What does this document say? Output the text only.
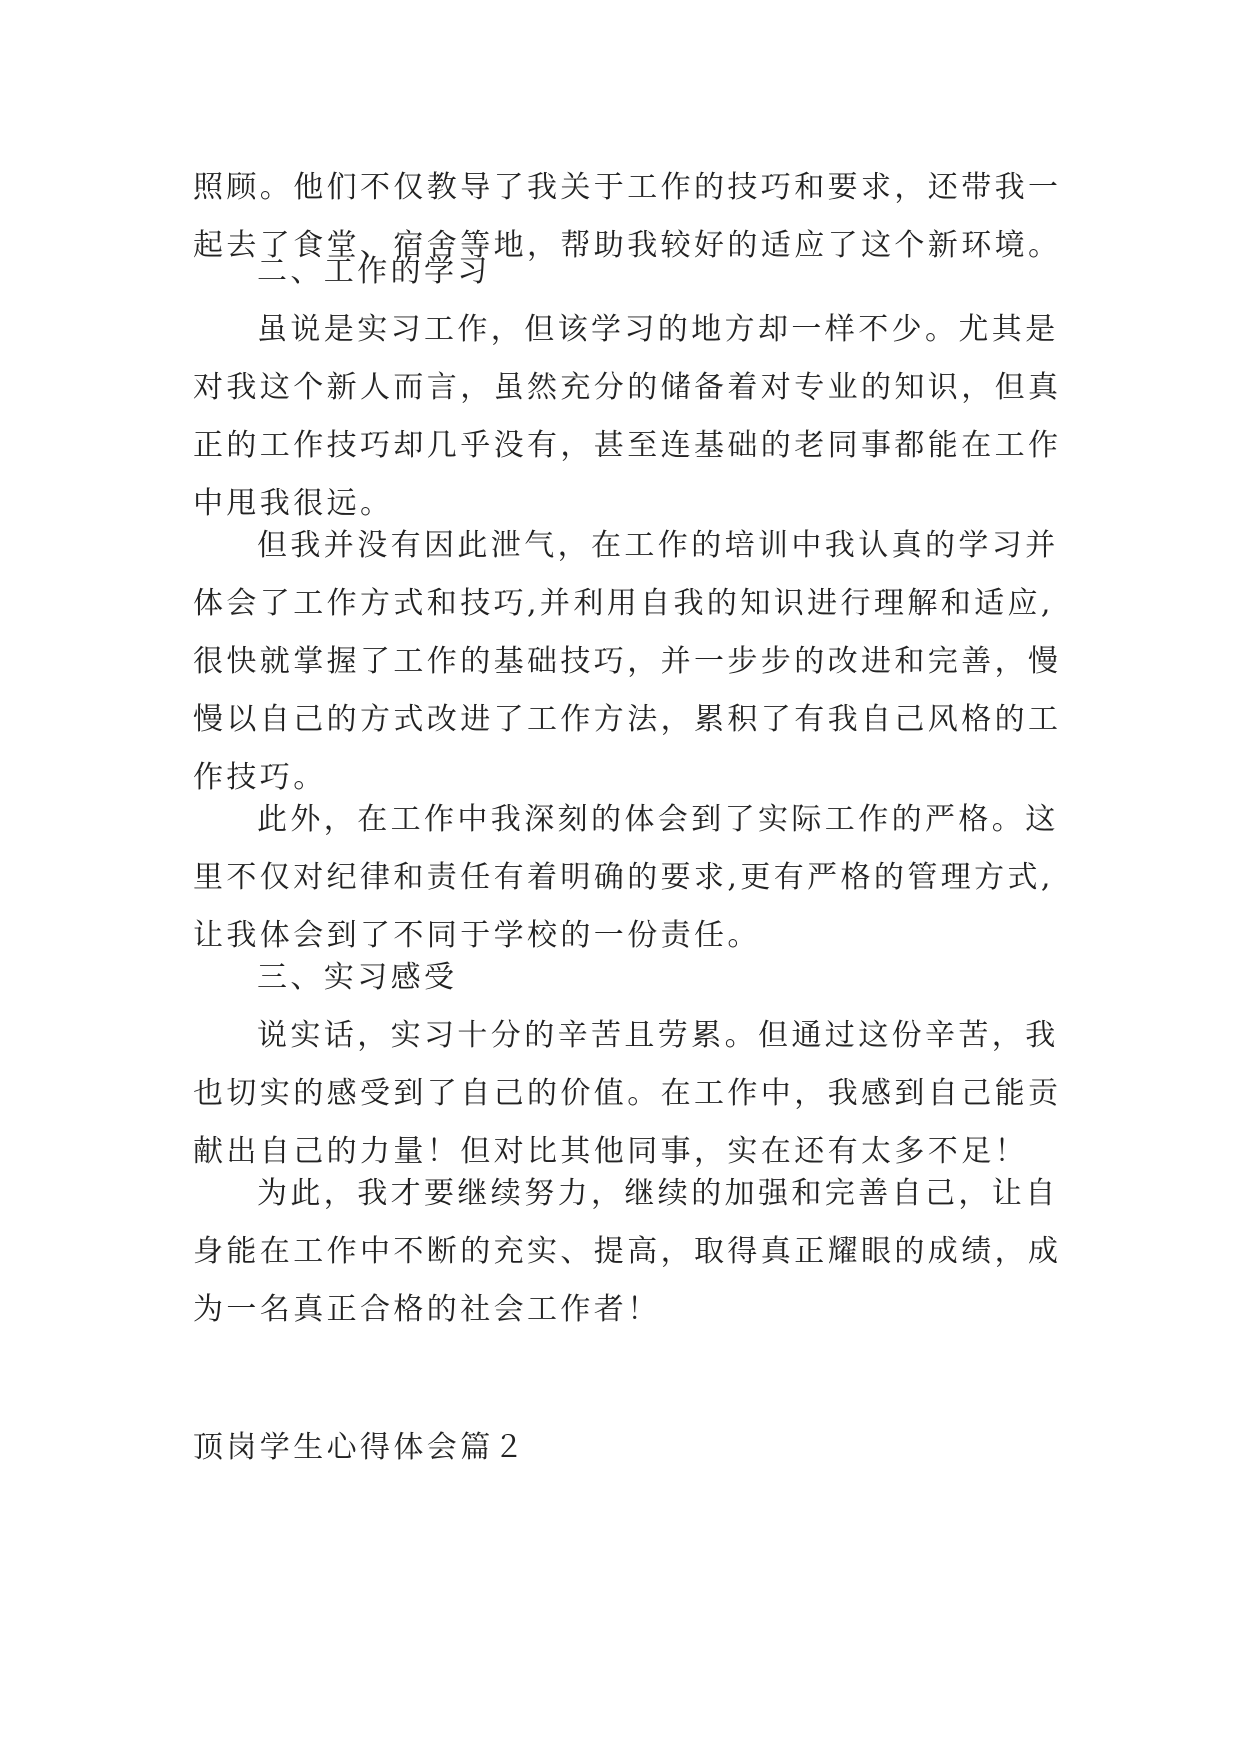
照顾。他们不仅教导了我关于工作的技巧和要求，还带我一
起去了食堂、宿舍等地，帮助我较好的适应了这个新环境。
二、工作的学习
虽说是实习工作，但该学习的地方却一样不少。尤其是
对我这个新人而言，虽然充分的储备着对专业的知识，但真
正的工作技巧却几乎没有，甚至连基础的老同事都能在工作
中甩我很远。
但我并没有因此泄气，在工作的培训中我认真的学习并
体会了工作方式和技巧,并利用自我的知识进行理解和适应,
很快就掌握了工作的基础技巧，并一步步的改进和完善，慢
慢以自己的方式改进了工作方法，累积了有我自己风格的工
作技巧。
此外，在工作中我深刻的体会到了实际工作的严格。这
里不仅对纪律和责任有着明确的要求,更有严格的管理方式,
让我体会到了不同于学校的一份责任。
三、实习感受
说实话，实习十分的辛苦且劳累。但通过这份辛苦，我
也切实的感受到了自己的价值。在工作中，我感到自己能贡
献出自己的力量！但对比其他同事，实在还有太多不足！
为此，我才要继续努力，继续的加强和完善自己，让自
身能在工作中不断的充实、提高，取得真正耀眼的成绩，成
为一名真正合格的社会工作者！
顶岗学生心得体会篇２
